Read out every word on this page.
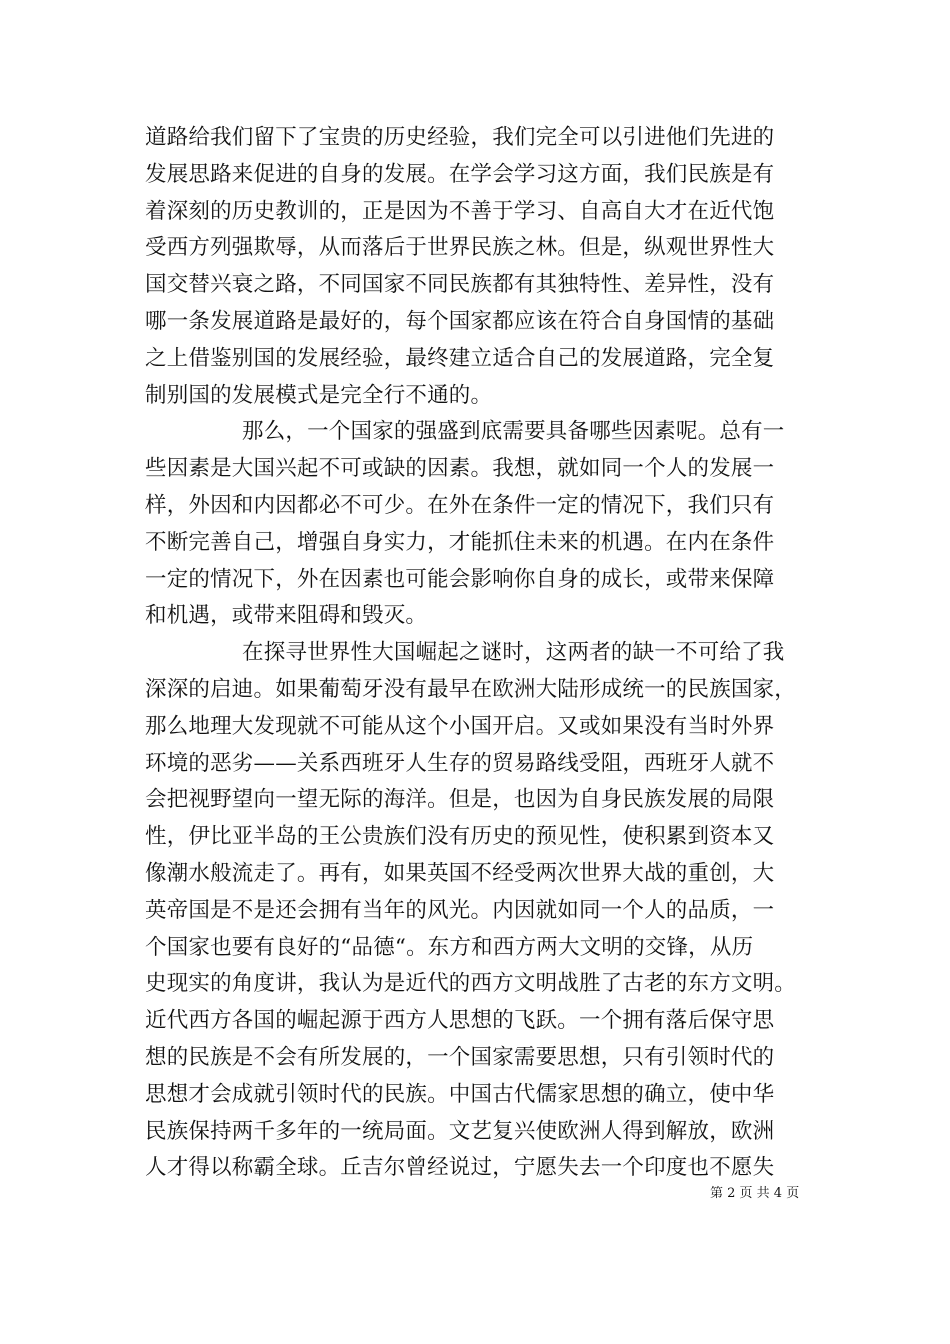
道路给我们留下了宝贵的历史经验，我们完全可以引进他们先进的
发展思路来促进的自身的发展。在学会学习这方面，我们民族是有
着深刻的历史教训的，正是因为不善于学习、自高自大才在近代饱
受西方列强欺辱，从而落后于世界民族之林。但是，纵观世界性大
国交替兴衰之路，不同国家不同民族都有其独特性、差异性，没有
哪一条发展道路是最好的，每个国家都应该在符合自身国情的基础
之上借鉴别国的发展经验，最终建立适合自己的发展道路，完全复
制别国的发展模式是完全行不通的。
那么，一个国家的强盛到底需要具备哪些因素呢。总有一
些因素是大国兴起不可或缺的因素。我想，就如同一个人的发展一
样，外因和内因都必不可少。在外在条件一定的情况下，我们只有
不断完善自己，增强自身实力，才能抓住未来的机遇。在内在条件
一定的情况下，外在因素也可能会影响你自身的成长，或带来保障
和机遇，或带来阻碍和毁灭。
在探寻世界性大国崛起之谜时，这两者的缺一不可给了我
深深的启迪。如果葡萄牙没有最早在欧洲大陆形成统一的民族国家，
那么地理大发现就不可能从这个小国开启。又或如果没有当时外界
环境的恶劣——关系西班牙人生存的贸易路线受阻，西班牙人就不
会把视野望向一望无际的海洋。但是，也因为自身民族发展的局限
性，伊比亚半岛的王公贵族们没有历史的预见性，使积累到资本又
像潮水般流走了。再有，如果英国不经受两次世界大战的重创，大
英帝国是不是还会拥有当年的风光。内因就如同一个人的品质，一
个国家也要有良好的“品德“。东方和西方两大文明的交锋，从历
史现实的角度讲，我认为是近代的西方文明战胜了古老的东方文明。
近代西方各国的崛起源于西方人思想的飞跃。一个拥有落后保守思
想的民族是不会有所发展的，一个国家需要思想，只有引领时代的
思想才会成就引领时代的民族。中国古代儒家思想的确立，使中华
民族保持两千多年的一统局面。文艺复兴使欧洲人得到解放，欧洲
人才得以称霸全球。丘吉尔曾经说过，宁愿失去一个印度也不愿失
第 2 页 共 4 页
